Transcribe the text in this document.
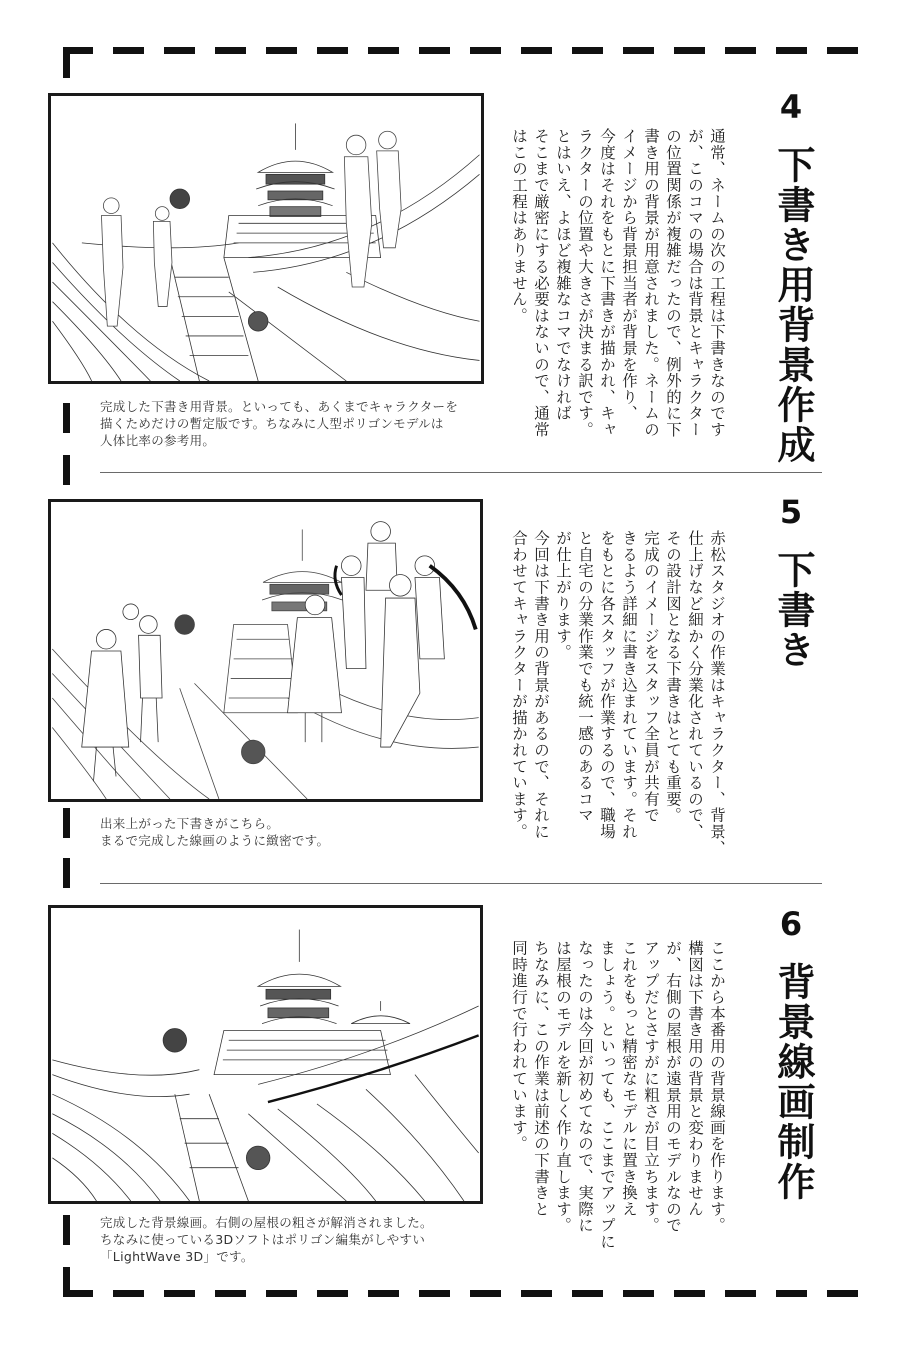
完成した下書き用背景。といっても、あくまでキャラクターを
描くためだけの暫定版です。ちなみに人型ポリゴンモデルは
人体比率の参考用。
4
下書き用背景作成
通常、ネームの次の工程は下書きなのです
が、このコマの場合は背景とキャラクター
の位置関係が複雑だったので、例外的に下
書き用の背景が用意されました。ネームの
イメージから背景担当者が背景を作り、
今度はそれをもとに下書きが描かれ、キャ
ラクターの位置や大きさが決まる訳です。
とはいえ、よほど複雑なコマでなければ
そこまで厳密にする必要はないので、通常
はこの工程はありません。
出来上がった下書きがこちら。
まるで完成した線画のように緻密です。
5
下書き
赤松スタジオの作業はキャラクター、背景、
仕上げなど細かく分業化されているので、
その設計図となる下書きはとても重要。
完成のイメージをスタッフ全員が共有で
きるよう詳細に書き込まれています。それ
をもとに各スタッフが作業するので、職場
と自宅の分業作業でも統一感のあるコマ
が仕上がります。
今回は下書き用の背景があるので、それに
合わせてキャラクターが描かれています。
完成した背景線画。右側の屋根の粗さが解消されました。
ちなみに使っている3Dソフトはポリゴン編集がしやすい
「LightWave 3D」です。
6
背景線画制作
ここから本番用の背景線画を作ります。
構図は下書き用の背景と変わりません
が、右側の屋根が遠景用のモデルなので
アップだとさすがに粗さが目立ちます。
これをもっと精密なモデルに置き換え
ましょう。といっても、ここまでアップに
なったのは今回が初めてなので、実際に
は屋根のモデルを新しく作り直します。
ちなみに、この作業は前述の下書きと
同時進行で行われています。
